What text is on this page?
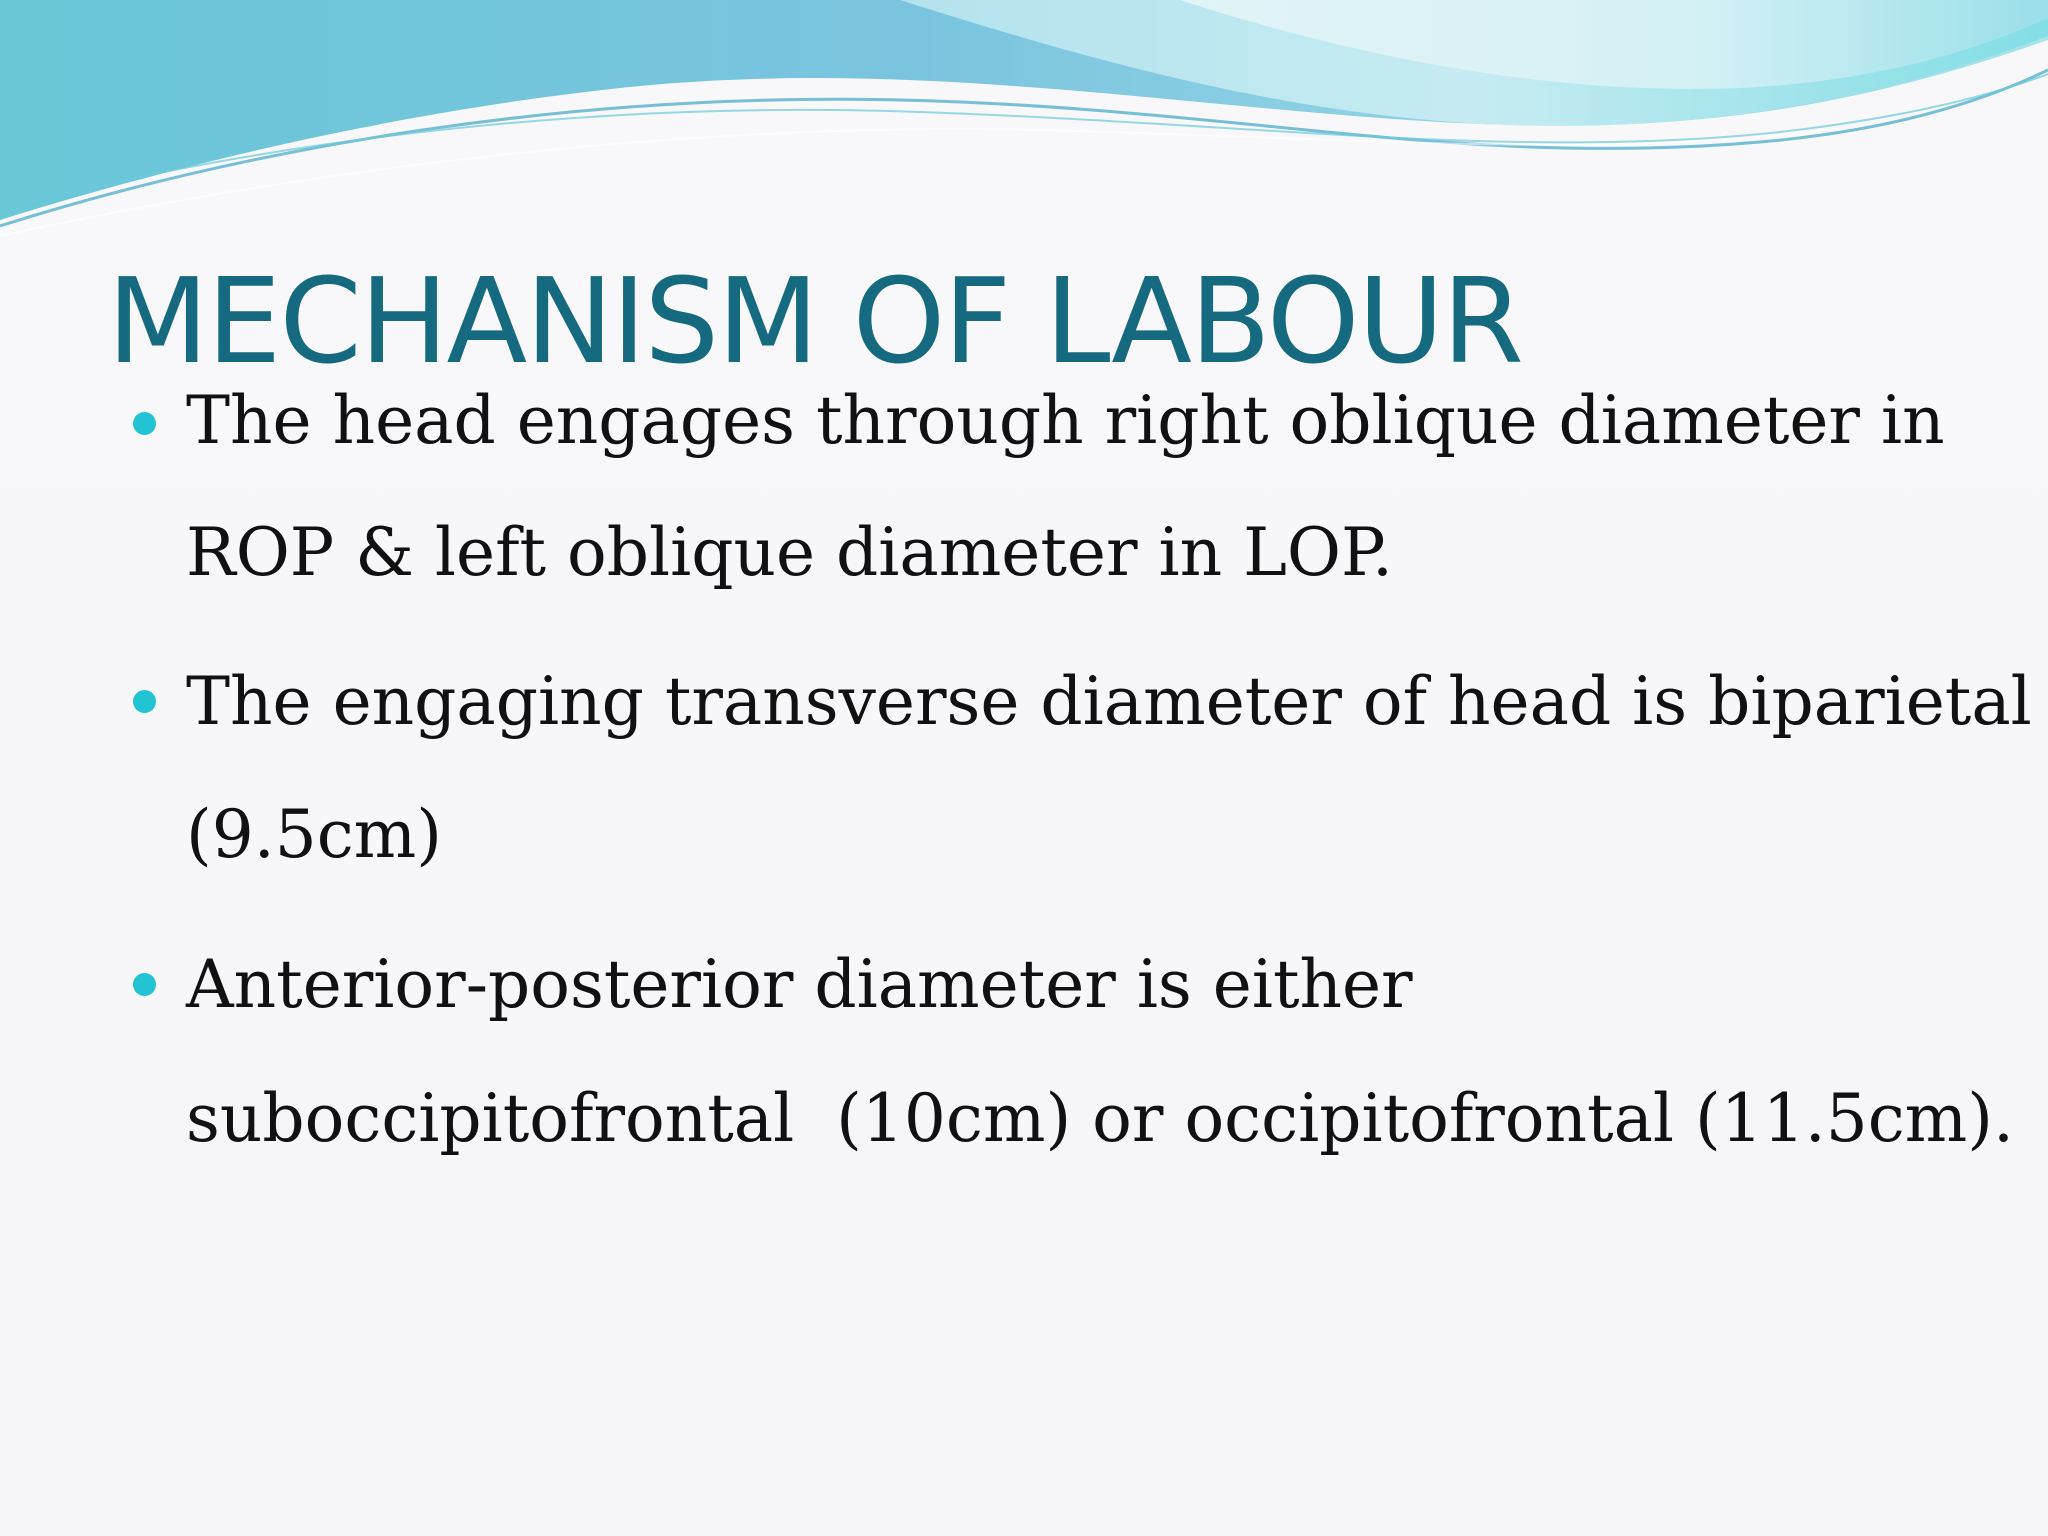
MECHANISM OF LABOUR
The head engages through right oblique diameter in
ROP & left oblique diameter in LOP.
The engaging transverse diameter of head is biparietal
(9.5cm)
Anterior-posterior diameter is either
suboccipitofrontal  (10cm) or occipitofrontal (11.5cm).
